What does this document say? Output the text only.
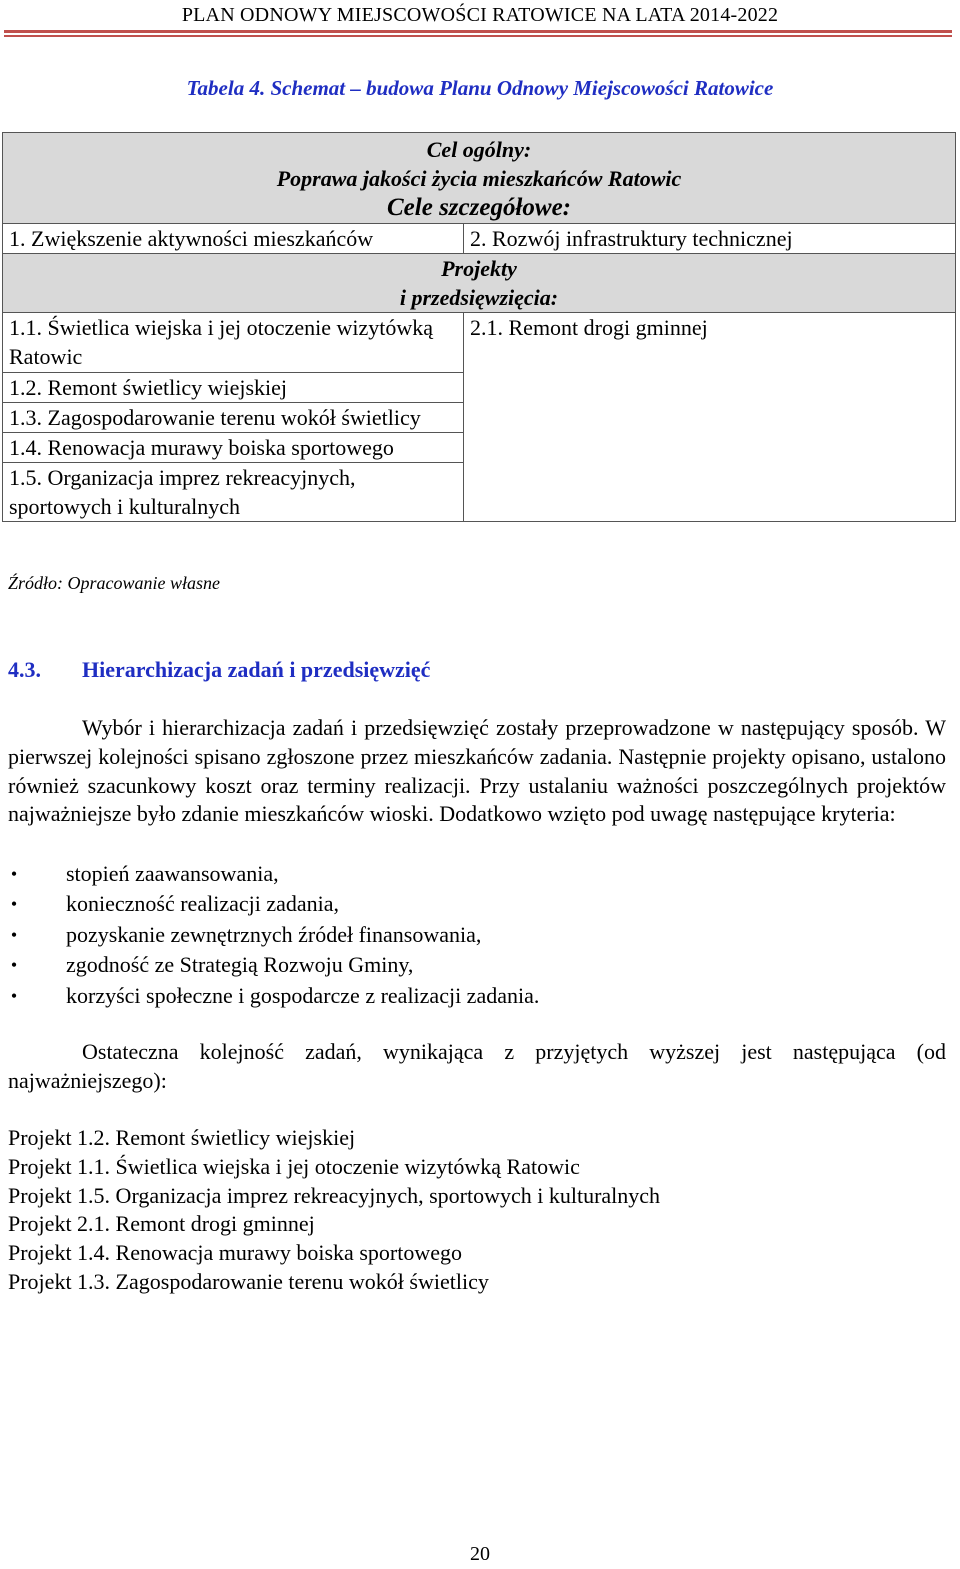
PLAN ODNOWY MIEJSCOWOŚCI RATOWICE NA LATA 2014-2022
Tabela 4. Schemat – budowa Planu Odnowy Miejscowości Ratowice
Cel ogólny:
Poprawa jakości życia mieszkańców Ratowic
Cele szczegółowe:	

1. Zwiększenie aktywności mieszkańców	2. Rozwój infrastruktury technicznej

Projekty
i przedsięwzięcia:	

1.1. Świetlica wiejska i jej otoczenie wizytówką Ratowic	2.1. Remont drogi gminnej
1.2. Remont świetlicy wiejskiej	
1.3. Zagospodarowanie terenu wokół świetlicy	
1.4. Renowacja murawy boiska sportowego	
1.5. Organizacja imprez rekreacyjnych, sportowych i kulturalnych	
Źródło: Opracowanie własne
4.3. Hierarchizacja zadań i przedsięwzięć
Wybór i hierarchizacja zadań i przedsięwzięć zostały przeprowadzone w następujący sposób. W pierwszej kolejności spisano zgłoszone przez mieszkańców zadania. Następnie projekty opisano, ustalono również szacunkowy koszt oraz terminy realizacji. Przy ustalaniu ważności poszczególnych projektów najważniejsze było zdanie mieszkańców wioski. Dodatkowo wzięto pod uwagę następujące kryteria:
• stopień zaawansowania,
• konieczność realizacji zadania,
• pozyskanie zewnętrznych źródeł finansowania,
• zgodność ze Strategią Rozwoju Gminy,
• korzyści społeczne i gospodarcze z realizacji zadania.
Ostateczna kolejność zadań, wynikająca z przyjętych wyższej jest następująca (od najważniejszego):
Projekt 1.2. Remont świetlicy wiejskiej
Projekt 1.1. Świetlica wiejska i jej otoczenie wizytówką Ratowic
Projekt 1.5. Organizacja imprez rekreacyjnych, sportowych i kulturalnych
Projekt 2.1. Remont drogi gminnej
Projekt 1.4. Renowacja murawy boiska sportowego
Projekt 1.3. Zagospodarowanie terenu wokół świetlicy
20
